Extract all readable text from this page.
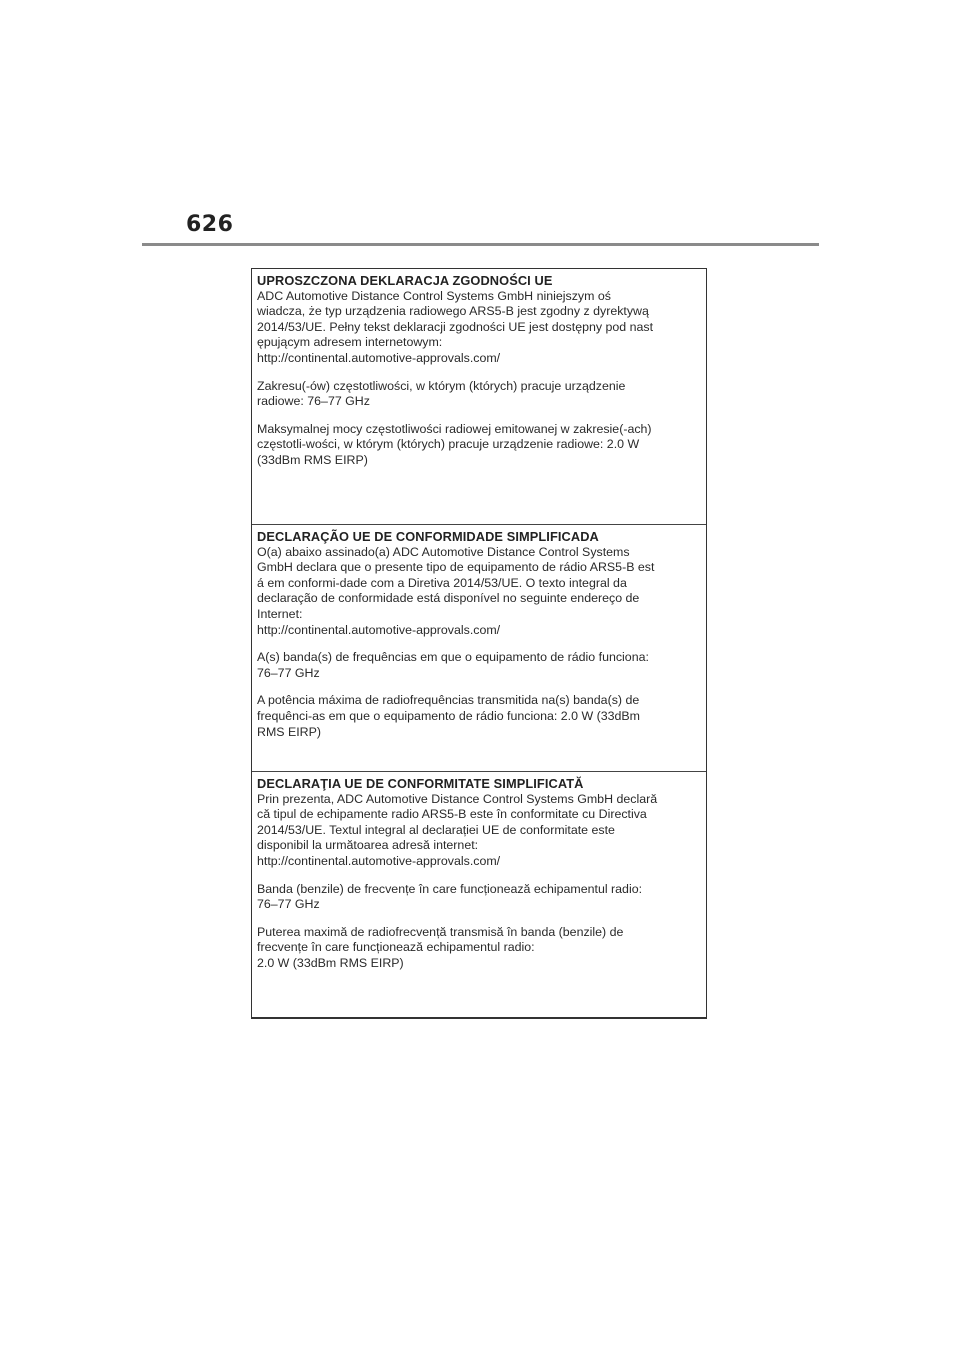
626
UPROSZCZONA DEKLARACJA ZGODNOŚCI UE
ADC Automotive Distance Control Systems GmbH niniejszym oś
wiadcza, że typ urządzenia radiowego ARS5-B jest zgodny z dyrektywą
2014/53/UE. Pełny tekst deklaracji zgodności UE jest dostępny pod nast
ępującym adresem internetowym:
http://continental.automotive-approvals.com/
Zakresu(-ów) częstotliwości, w którym (których) pracuje urządzenie
radiowe: 76–77 GHz
Maksymalnej mocy częstotliwości radiowej emitowanej w zakresie(-ach)
częstotli-wości, w którym (których) pracuje urządzenie radiowe: 2.0 W
(33dBm RMS EIRP)
DECLARAÇÃO UE DE CONFORMIDADE SIMPLIFICADA
O(a) abaixo assinado(a) ADC Automotive Distance Control Systems
GmbH declara que o presente tipo de equipamento de rádio ARS5-B est
á em conformi-dade com a Diretiva 2014/53/UE. O texto integral da
declaração de conformidade está disponível no seguinte endereço de
Internet:
http://continental.automotive-approvals.com/
A(s) banda(s) de frequências em que o equipamento de rádio funciona:
76–77 GHz
A potência máxima de radiofrequências transmitida na(s) banda(s) de
frequênci-as em que o equipamento de rádio funciona: 2.0 W (33dBm
RMS EIRP)
DECLARAŢIA UE DE CONFORMITATE SIMPLIFICATĂ
Prin prezenta, ADC Automotive Distance Control Systems GmbH declară
că tipul de echipamente radio ARS5-B este în conformitate cu Directiva
2014/53/UE. Textul integral al declarației UE de conformitate este
disponibil la următoarea adresă internet:
http://continental.automotive-approvals.com/
Banda (benzile) de frecvențe în care funcționează echipamentul radio:
76–77 GHz
Puterea maximă de radiofrecvență transmisă în banda (benzile) de
frecvențe în care funcționează echipamentul radio:
2.0 W (33dBm RMS EIRP)
